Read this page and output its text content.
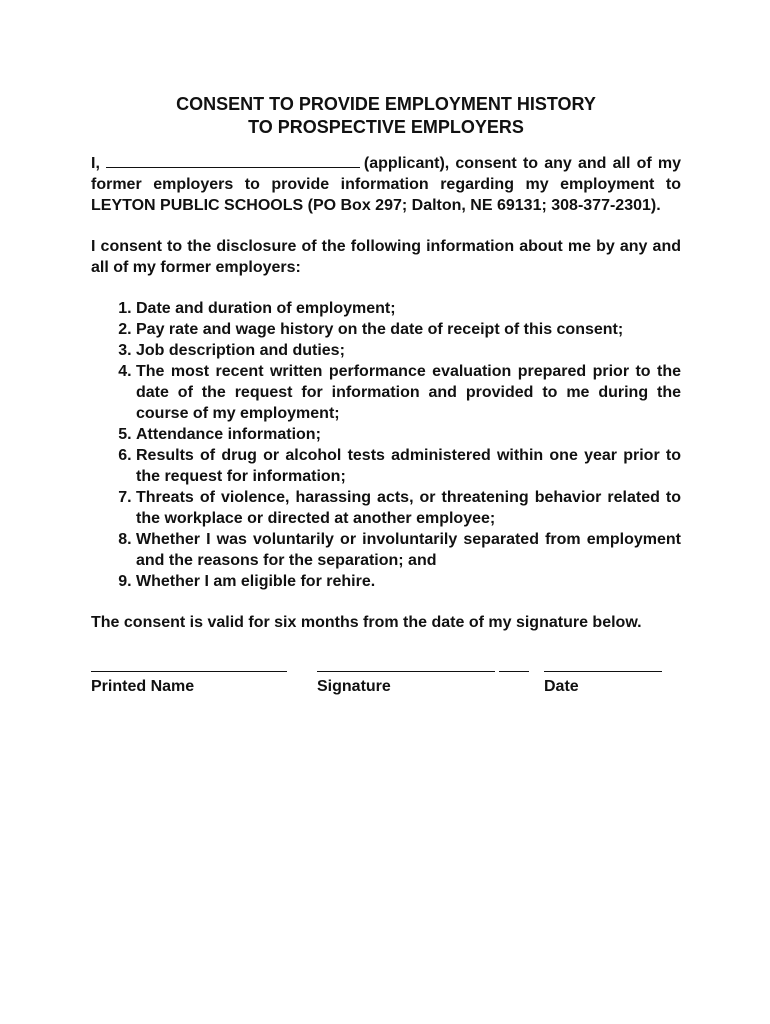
CONSENT TO PROVIDE EMPLOYMENT HISTORY
TO PROSPECTIVE EMPLOYERS
I,	(applicant), consent to any and all of my former employers to provide information regarding my employment to LEYTON PUBLIC SCHOOLS (PO Box 297; Dalton, NE 69131; 308-377-2301).
I consent to the disclosure of the following information about me by any and all of my former employers:
1. Date and duration of employment;
2. Pay rate and wage history on the date of receipt of this consent;
3. Job description and duties;
4. The most recent written performance evaluation prepared prior to the date of the request for information and provided to me during the course of my employment;
5. Attendance information;
6. Results of drug or alcohol tests administered within one year prior to the request for information;
7. Threats of violence, harassing acts, or threatening behavior related to the workplace or directed at another employee;
8. Whether I was voluntarily or involuntarily separated from employment and the reasons for the separation; and
9. Whether I am eligible for rehire.
The consent is valid for six months from the date of my signature below.
Printed Name	Signature	Date
